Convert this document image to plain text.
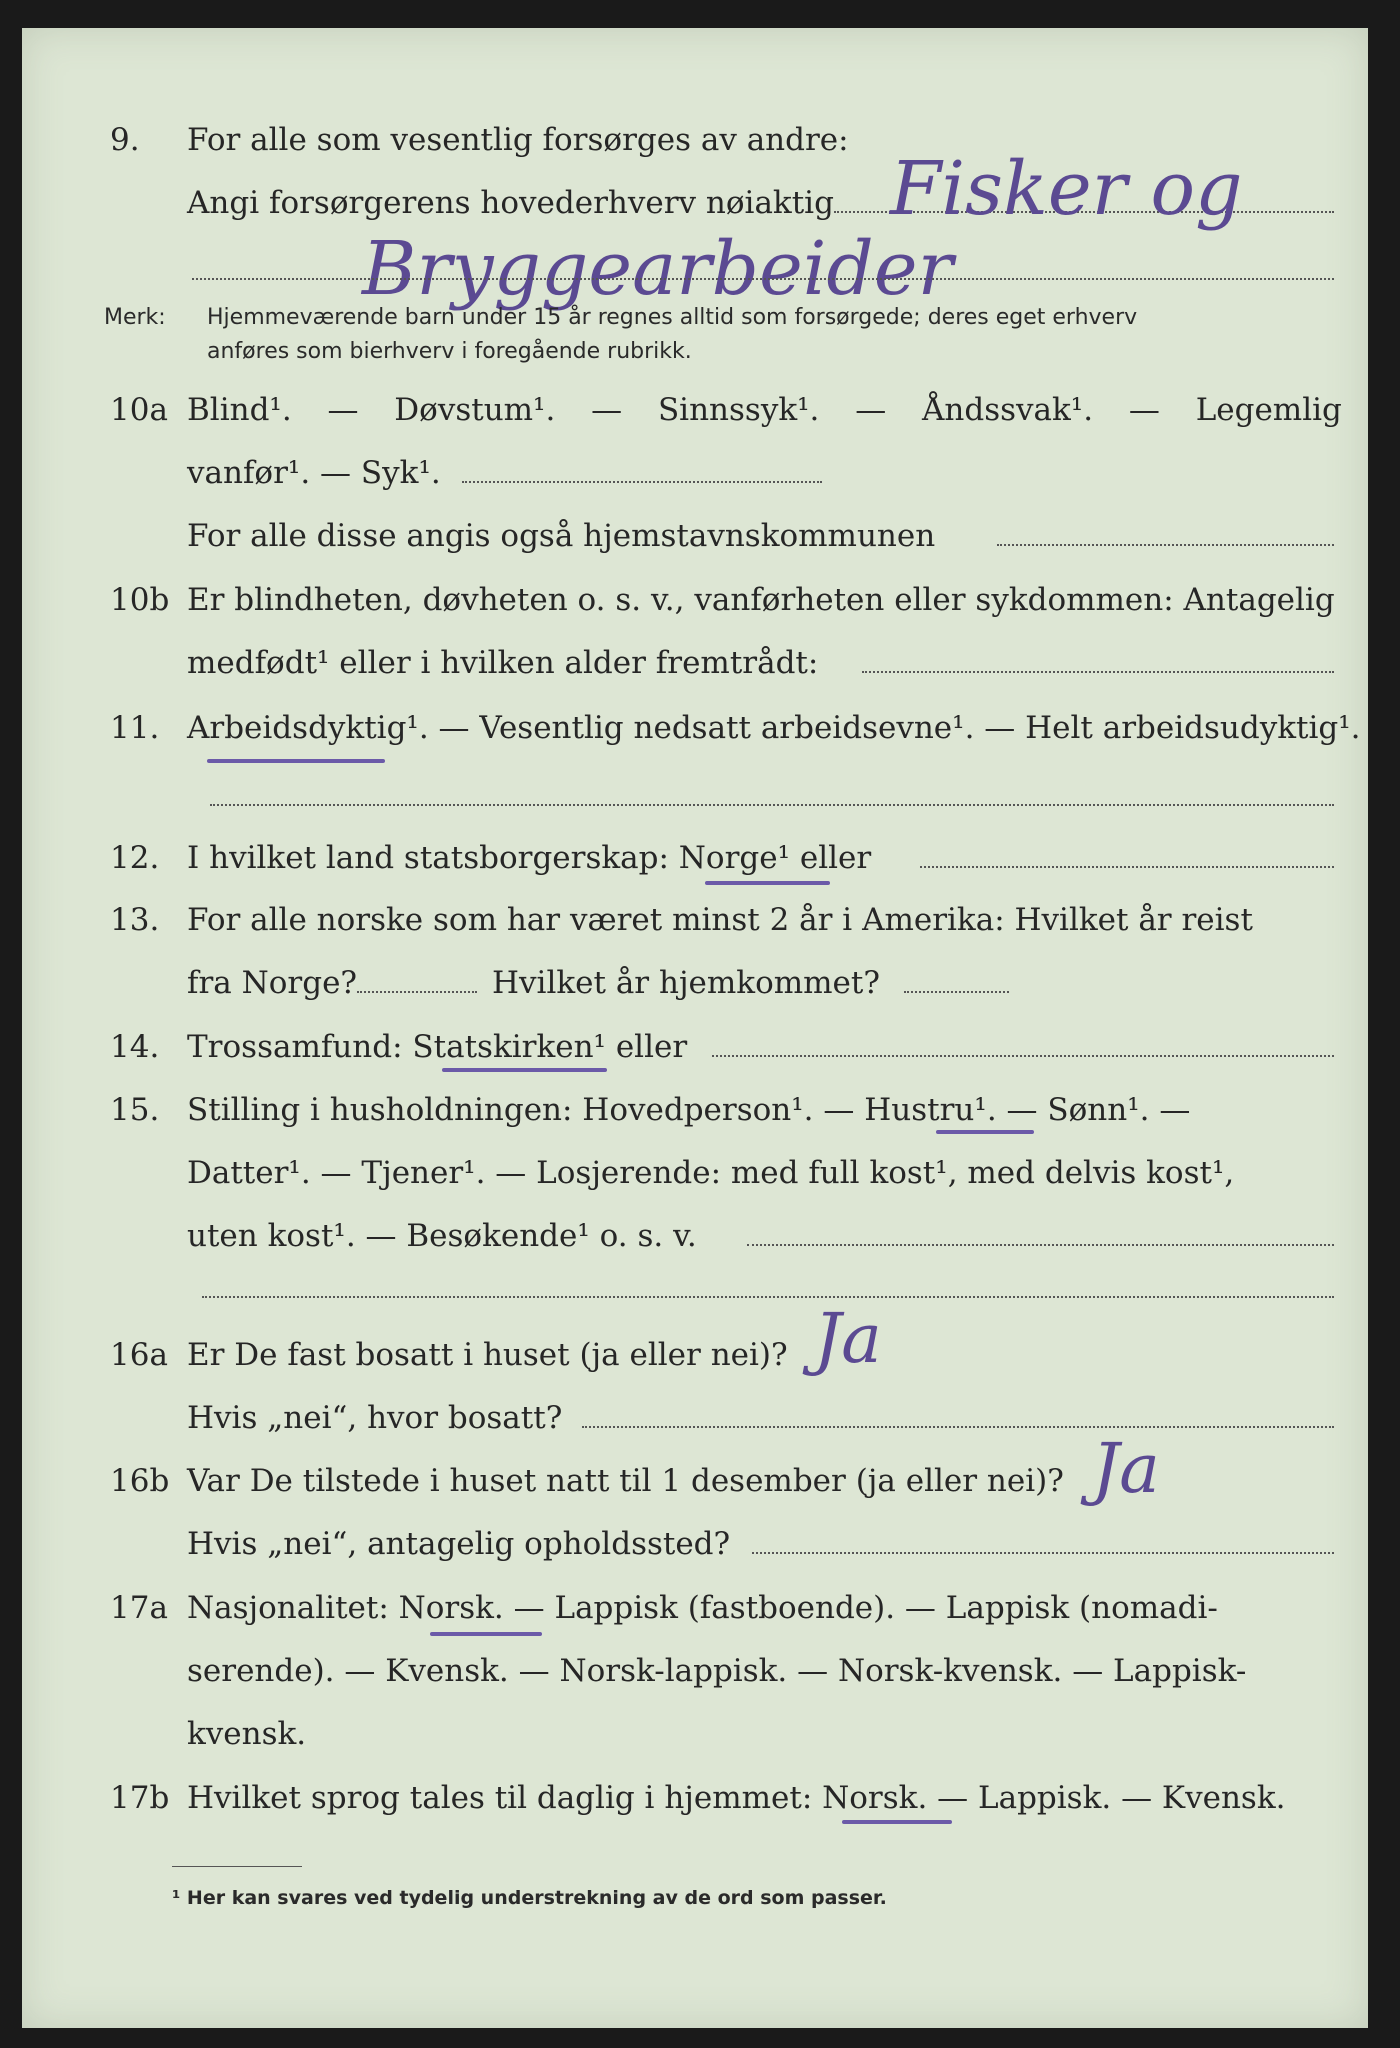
9. For alle som vesentlig forsørges av andre:
Angi forsørgerens hovederhverv nøiaktig Fisker og
Bryggearbeider
Merk: Hjemmeværende barn under 15 år regnes alltid som forsørgede; deres eget erhverv
anføres som bierhverv i foregående rubrikk.
10a Blind¹. — Døvstum¹. — Sinnssyk¹. — Åndssvak¹. — Legemlig
vanfør¹. — Syk¹.
For alle disse angis også hjemstavnskommunen
10b Er blindheten, døvheten o. s. v., vanførheten eller sykdommen: Antagelig
medfødt¹ eller i hvilken alder fremtrådt:
11. Arbeidsdyktig¹. — Vesentlig nedsatt arbeidsevne¹. — Helt arbeidsudyktig¹.
12. I hvilket land statsborgerskap: Norge¹ eller
13. For alle norske som har været minst 2 år i Amerika: Hvilket år reist
fra Norge?	Hvilket år hjemkommet?
14. Trossamfund: Statskirken¹ eller
15. Stilling i husholdningen: Hovedperson¹. — Hustru¹. — Sønn¹. —
Datter¹. — Tjener¹. — Losjerende: med full kost¹, med delvis kost¹,
uten kost¹. — Besøkende¹ o. s. v.
16a Er De fast bosatt i huset (ja eller nei)? Ja
Hvis „nei“, hvor bosatt?
16b Var De tilstede i huset natt til 1 desember (ja eller nei)? Ja
Hvis „nei“, antagelig opholdssted?
17a Nasjonalitet: Norsk. — Lappisk (fastboende). — Lappisk (nomadi-
serende). — Kvensk. — Norsk-lappisk. — Norsk-kvensk. — Lappisk-
kvensk.
17b Hvilket sprog tales til daglig i hjemmet: Norsk. — Lappisk. — Kvensk.
¹ Her kan svares ved tydelig understrekning av de ord som passer.
